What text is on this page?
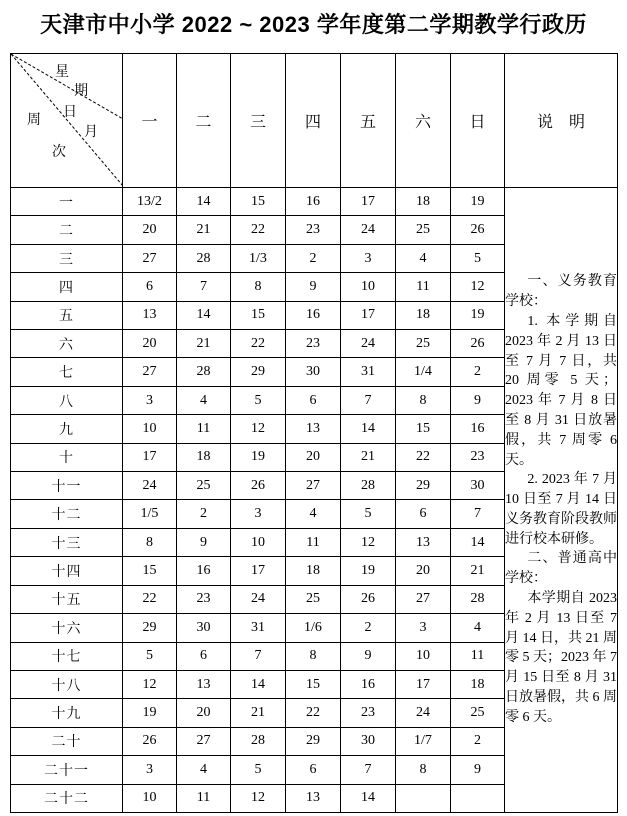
天津市中小学 2022 ~ 2023 学年度第二学期教学行政历
星
期
日
月
周
次
	一	二	三	四	五	六	日	说　明
一	13/2	14	15	16	17	18	19	一、义务教育学校：
1. 本学期自 2023 年 2 月 13 日至 7 月 7 日，共 20 周零 5 天；2023 年 7 月 8 日至 8 月 31 日放暑假，共 7 周零 6 天。
2. 2023 年 7 月 10 日至 7 月 14 日义务教育阶段教师进行校本研修。
二、普通高中学校：
本学期自 2023 年 2 月 13 日至 7 月 14 日，共 21 周零 5 天；2023 年 7 月 15 日至 8 月 31 日放暑假，共 6 周零 6 天。

二	20	21	22	23	24	25	26	
三	27	28	1/3	2	3	4	5	
四	6	7	8	9	10	11	12	
五	13	14	15	16	17	18	19	
六	20	21	22	23	24	25	26	
七	27	28	29	30	31	1/4	2	
八	3	4	5	6	7	8	9	
九	10	11	12	13	14	15	16	
十	17	18	19	20	21	22	23	
十一	24	25	26	27	28	29	30	
十二	1/5	2	3	4	5	6	7	
十三	8	9	10	11	12	13	14	
十四	15	16	17	18	19	20	21	
十五	22	23	24	25	26	27	28	
十六	29	30	31	1/6	2	3	4	
十七	5	6	7	8	9	10	11	
十八	12	13	14	15	16	17	18	
十九	19	20	21	22	23	24	25	
二十	26	27	28	29	30	1/7	2	
二十一	3	4	5	6	7	8	9	
二十二	10	11	12	13	14			
